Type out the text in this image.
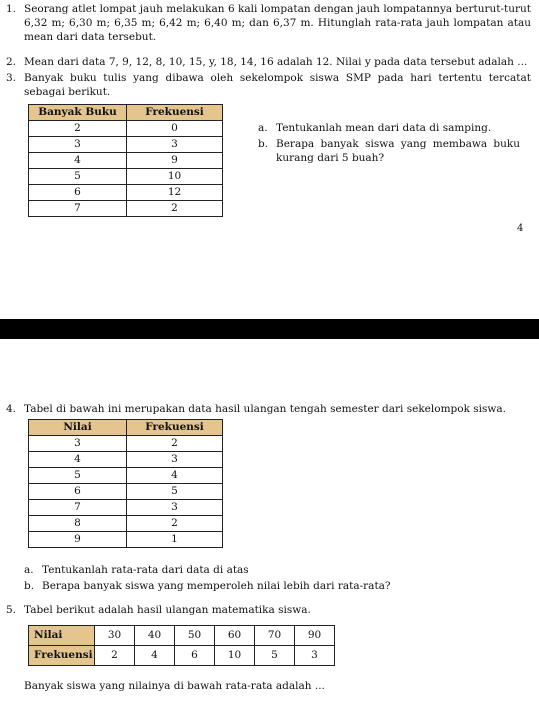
1. Seorang atlet lompat jauh melakukan 6 kali lompatan dengan jauh lompatannya berturut-turut 6,32 m; 6,30 m; 6,35 m; 6,42 m; 6,40 m; dan 6,37 m. Hitunglah rata-rata jauh lompatan atau mean dari data tersebut.
2. Mean dari data 7, 9, 12, 8, 10, 15, y, 18, 14, 16 adalah 12. Nilai y pada data tersebut adalah ...
3. Banyak buku tulis yang dibawa oleh sekelompok siswa SMP pada hari tertentu tercatat sebagai berikut.
Banyak Buku	Frekuensi
2	0
3	3
4	9
5	10
6	12
7	2
a. Tentukanlah mean dari data di samping.
b. Berapa banyak siswa yang membawa buku kurang dari 5 buah?
4
4. Tabel di bawah ini merupakan data hasil ulangan tengah semester dari sekelompok siswa.
Nilai	Frekuensi
3	2
4	3
5	4
6	5
7	3
8	2
9	1
a. Tentukanlah rata-rata dari data di atas
b. Berapa banyak siswa yang memperoleh nilai lebih dari rata-rata?
5. Tabel berikut adalah hasil ulangan matematika siswa.
Nilai	30	40	50	60	70	90
Frekuensi	2	4	6	10	5	3
Banyak siswa yang nilainya di bawah rata-rata adalah ...
